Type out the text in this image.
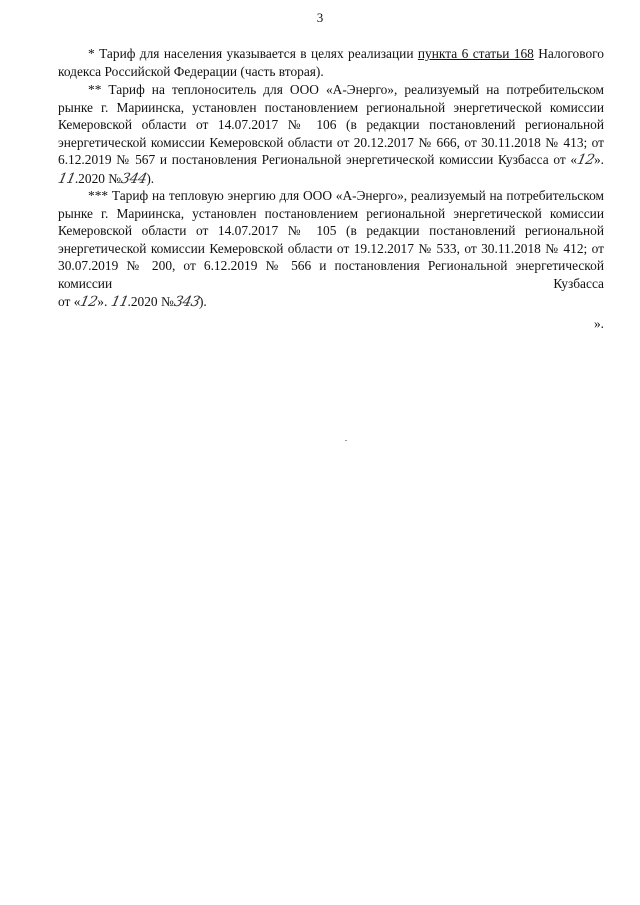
3
* Тариф для населения указывается в целях реализации пункта 6 статьи 168 Налогового кодекса Российской Федерации (часть вторая).
** Тариф на теплоноситель для ООО «А-Энерго», реализуемый на потребительском рынке г. Мариинска, установлен постановлением региональной энергетической комиссии Кемеровской области от 14.07.2017 № 106 (в редакции постановлений региональной энергетической комиссии Кемеровской области от 20.12.2017 № 666, от 30.11.2018 № 413; от 6.12.2019 № 567 и постановления Региональной энергетической комиссии Кузбасса от «12». 11.2020 №344).
*** Тариф на тепловую энергию для ООО «А-Энерго», реализуемый на потребительском рынке г. Мариинска, установлен постановлением региональной энергетической комиссии Кемеровской области от 14.07.2017 № 105 (в редакции постановлений региональной энергетической комиссии Кемеровской области от 19.12.2017 № 533, от 30.11.2018 № 412; от 30.07.2019 № 200, от 6.12.2019 № 566 и постановления Региональной энергетической комиссии Кузбасса
от «12». 11.2020 №343).
».
